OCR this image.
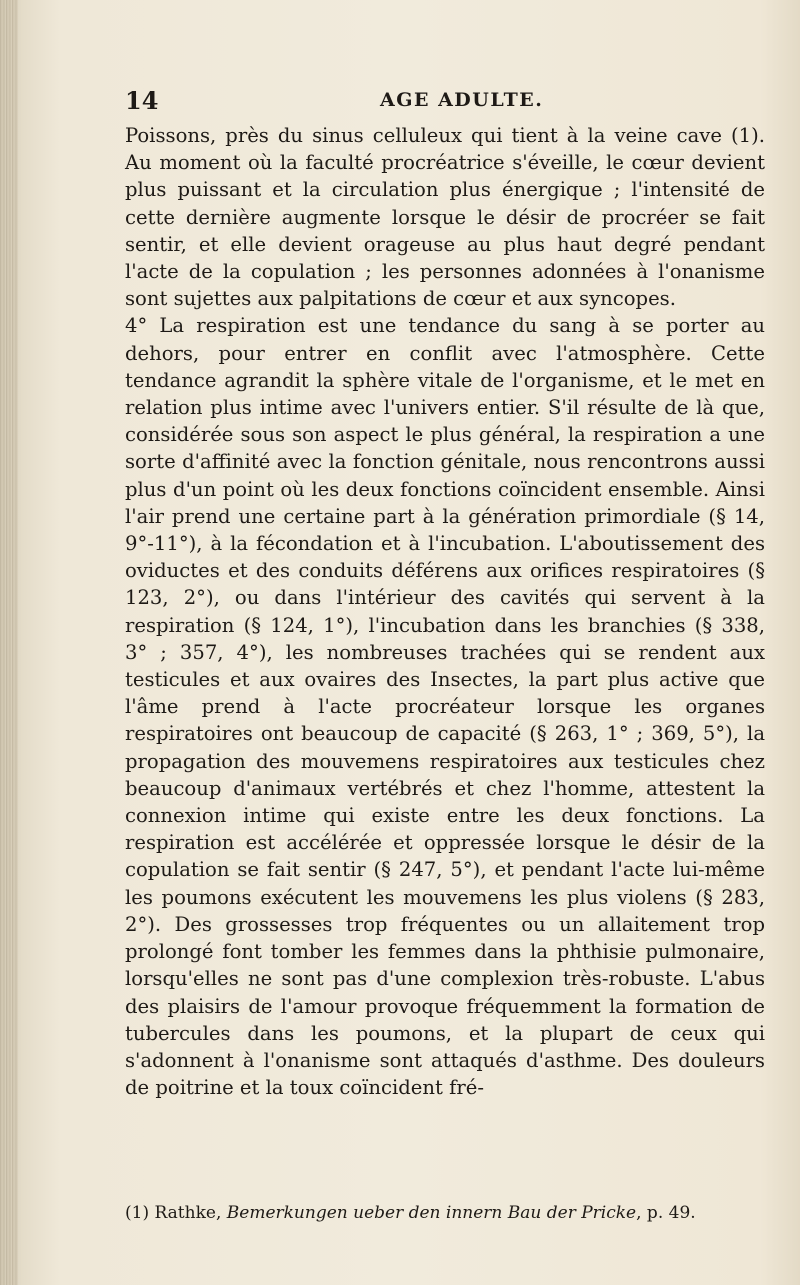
14	AGE ADULTE.

Poissons, près du sinus celluleux qui tient à la veine cave (1). Au moment où la faculté procréatrice s'éveille, le cœur devient plus puissant et la circulation plus énergique ; l'intensité de cette dernière augmente lorsque le désir de procréer se fait sentir, et elle devient orageuse au plus haut degré pendant l'acte de la copulation ; les personnes adonnées à l'onanisme sont sujettes aux palpitations de cœur et aux syncopes.

4° La respiration est une tendance du sang à se porter au dehors, pour entrer en conflit avec l'atmosphère. Cette tendance agrandit la sphère vitale de l'organisme, et le met en relation plus intime avec l'univers entier. S'il résulte de là que, considérée sous son aspect le plus général, la respiration a une sorte d'affinité avec la fonction génitale, nous rencontrons aussi plus d'un point où les deux fonctions coïncident ensemble. Ainsi l'air prend une certaine part à la génération primordiale (§ 14, 9°-11°), à la fécondation et à l'incubation. L'aboutissement des oviductes et des conduits déférens aux orifices respiratoires (§ 123, 2°), ou dans l'intérieur des cavités qui servent à la respiration (§ 124, 1°), l'incubation dans les branchies (§ 338, 3° ; 357, 4°), les nombreuses trachées qui se rendent aux testicules et aux ovaires des Insectes, la part plus active que l'âme prend à l'acte procréateur lorsque les organes respiratoires ont beaucoup de capacité (§ 263, 1° ; 369, 5°), la propagation des mouvemens respiratoires aux testicules chez beaucoup d'animaux vertébrés et chez l'homme, attestent la connexion intime qui existe entre les deux fonctions. La respiration est accélérée et oppressée lorsque le désir de la copulation se fait sentir (§ 247, 5°), et pendant l'acte lui-même les poumons exécutent les mouvemens les plus violens (§ 283, 2°). Des grossesses trop fréquentes ou un allaitement trop prolongé font tomber les femmes dans la phthisie pulmonaire, lorsqu'elles ne sont pas d'une complexion très-robuste. L'abus des plaisirs de l'amour provoque fréquemment la formation de tubercules dans les poumons, et la plupart de ceux qui s'adonnent à l'onanisme sont attaqués d'asthme. Des douleurs de poitrine et la toux coïncident fré-

(1) Rathke, Bemerkungen ueber den innern Bau der Pricke, p. 49.
